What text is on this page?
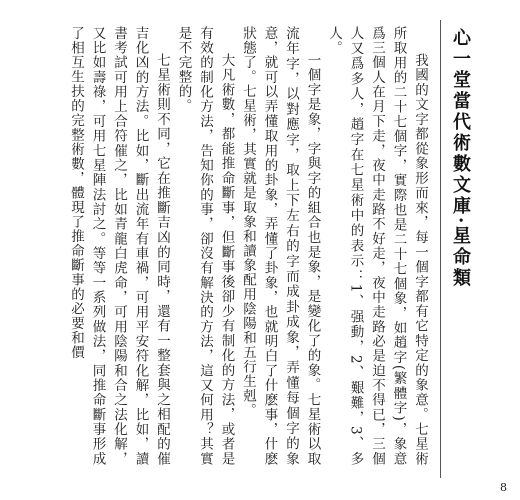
心一堂當代術數文庫·星命類

我國的文字都從象形而來，每一個字都有它特定的象意。七星術所取用的二十七個字，實際也是二十七個象，如趙字(繁體字)，象意爲三個人在月下走，夜中走路不好走，夜中走路必是迫不得已，三個人又爲多人，趙字在七星術中的表示：1、强動，2、艱難，3、多人。

一個字是象，字與字的組合也是象，是變化了的象。七星術以取流年字，以對應字，取上下左右的字而成卦成象，弄懂每個字的象意，就可以弄懂取用的卦象，弄懂了卦象，也就明白了什麽事，什麽狀態了。七星術，其實就是取象和讀象配用陰陽和五行生剋。

大凡術數，都能推命斷事，但斷事後卻少有制化的方法，或者是有效的制化方法，告知你的事，卻沒有解決的方法，這又何用？其實是不完整的。

七星術則不同，它在推斷吉凶的同時，還有一整套與之相配的催吉化凶的方法。比如，斷出流年有車禍，可用平安符化解，比如，讀書考試可用上合符催之，比如青龍白虎命，可用陰陽和合之法化解，又比如壽祿，可用七星陣法討之。等等一系列做法，同推命斷事形成了相互生扶的完整術數，體現了推命斷事的必要和價

8
